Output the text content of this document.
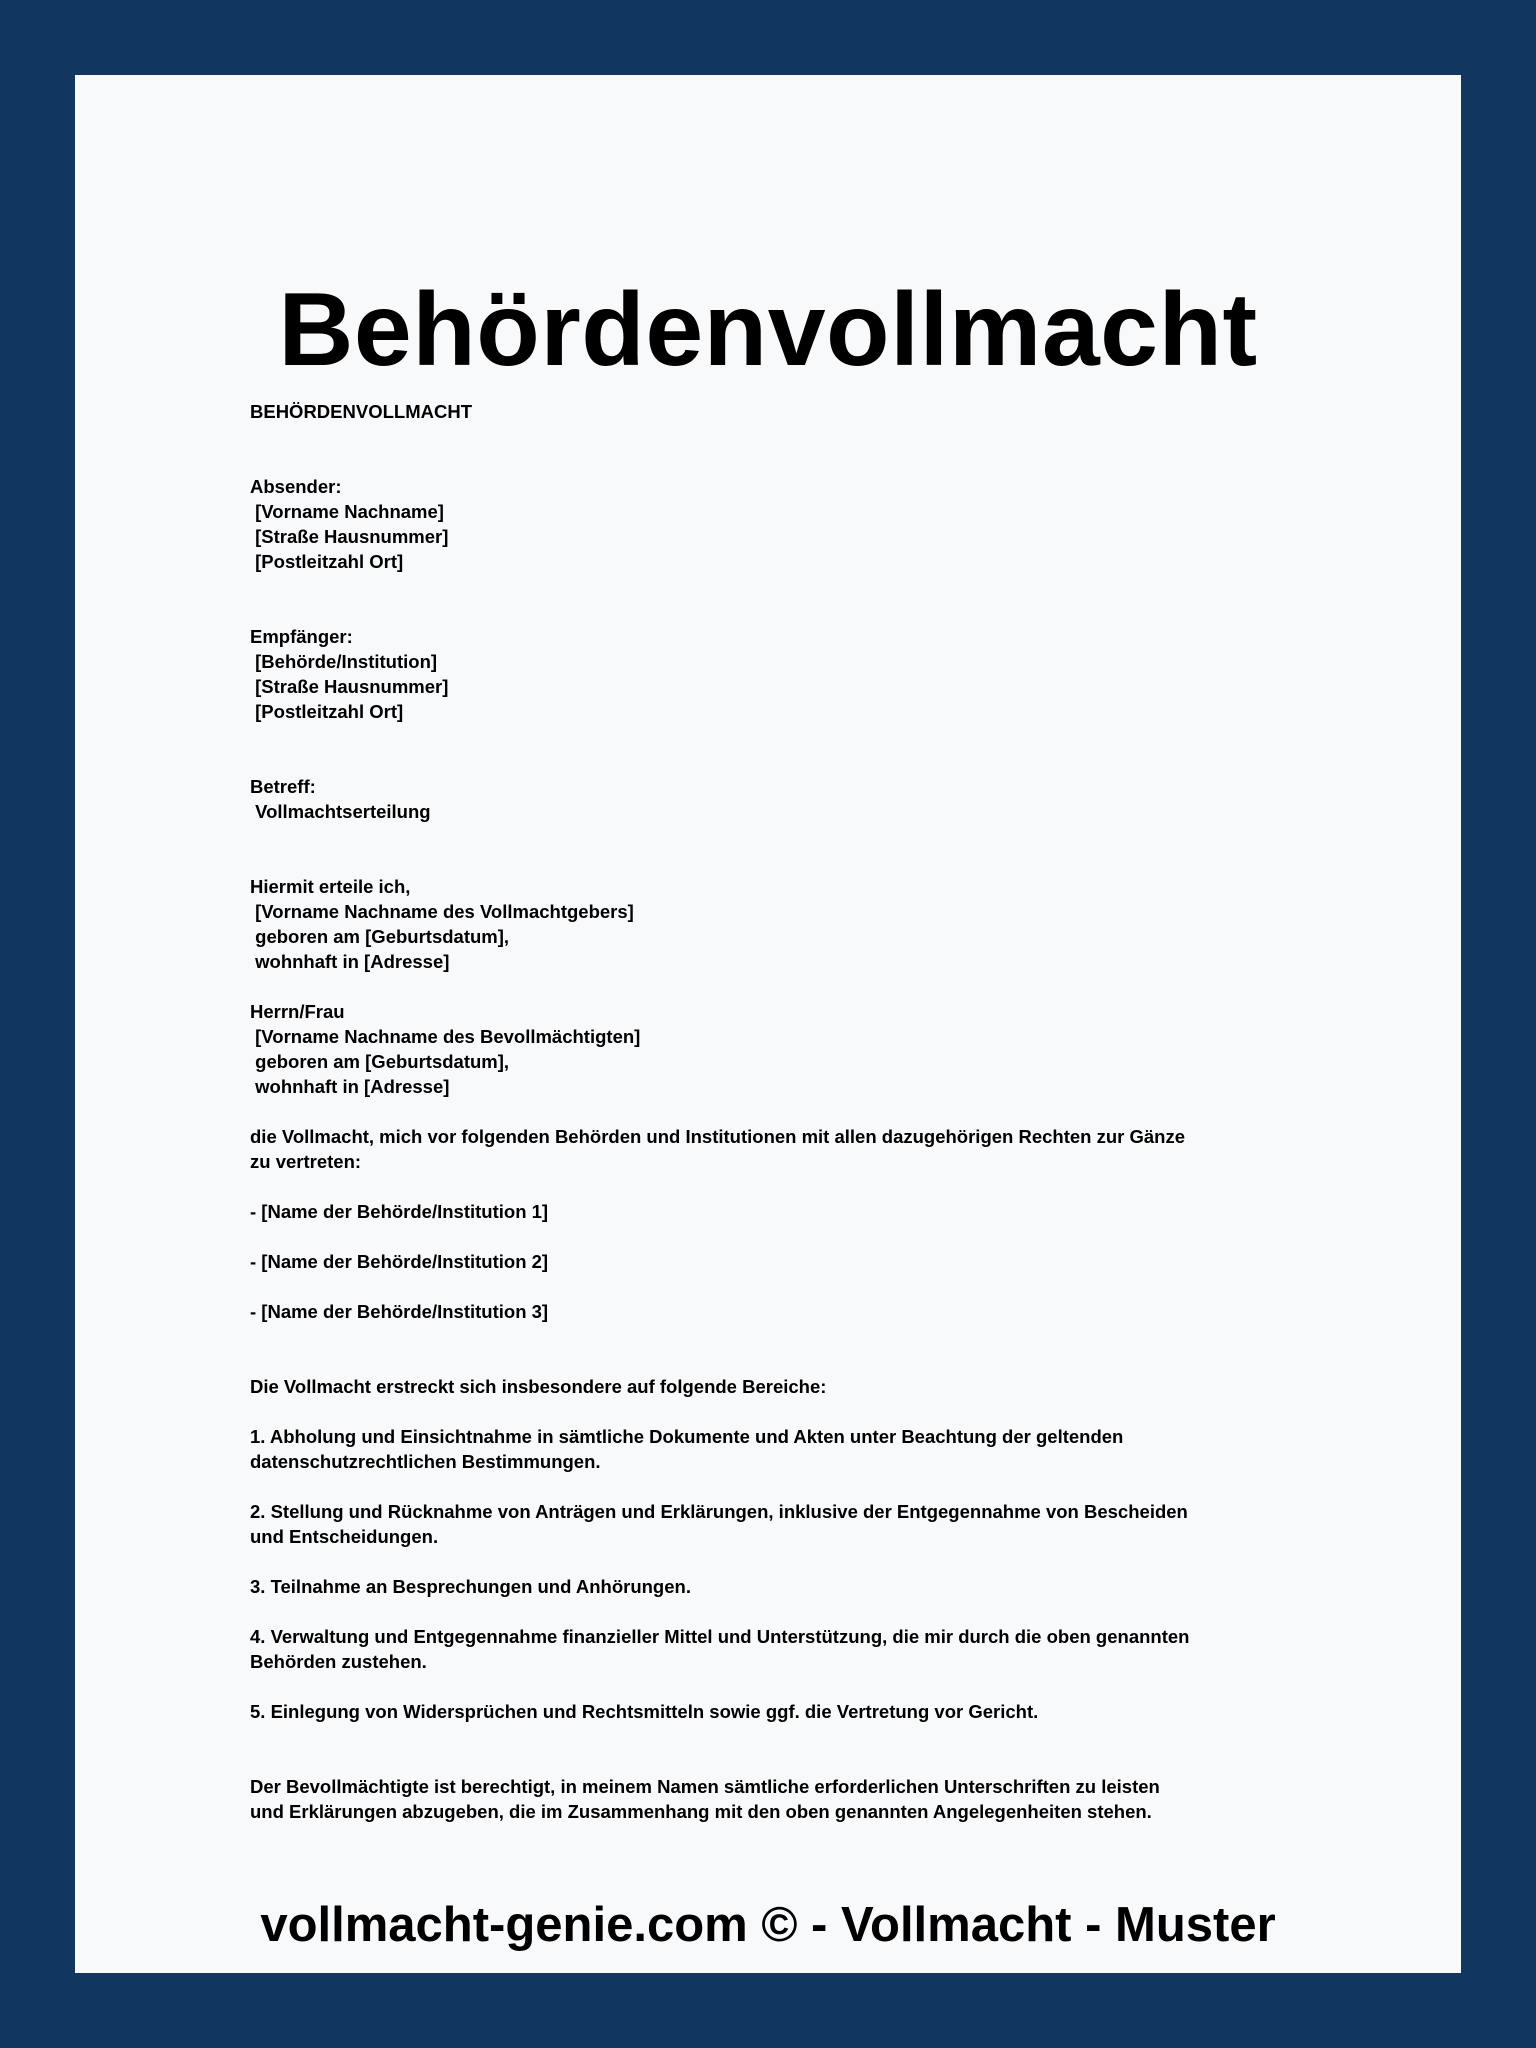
Behördenvollmacht

BEHÖRDENVOLLMACHT

Absender:

[Vorname Nachname]

[Straße Hausnummer]

[Postleitzahl Ort]

Empfänger:

[Behörde/Institution]

[Straße Hausnummer]

[Postleitzahl Ort]

Betreff:

Vollmachtserteilung

Hiermit erteile ich,

[Vorname Nachname des Vollmachtgebers]

geboren am [Geburtsdatum],

wohnhaft in [Adresse]

Herrn/Frau

[Vorname Nachname des Bevollmächtigten]

geboren am [Geburtsdatum],

wohnhaft in [Adresse]

die Vollmacht, mich vor folgenden Behörden und Institutionen mit allen dazugehörigen Rechten zur Gänze

zu vertreten:

- [Name der Behörde/Institution 1]

- [Name der Behörde/Institution 2]

- [Name der Behörde/Institution 3]

Die Vollmacht erstreckt sich insbesondere auf folgende Bereiche:

1. Abholung und Einsichtnahme in sämtliche Dokumente und Akten unter Beachtung der geltenden

datenschutzrechtlichen Bestimmungen.

2. Stellung und Rücknahme von Anträgen und Erklärungen, inklusive der Entgegennahme von Bescheiden

und Entscheidungen.

3. Teilnahme an Besprechungen und Anhörungen.

4. Verwaltung und Entgegennahme finanzieller Mittel und Unterstützung, die mir durch die oben genannten

Behörden zustehen.

5. Einlegung von Widersprüchen und Rechtsmitteln sowie ggf. die Vertretung vor Gericht.

Der Bevollmächtigte ist berechtigt, in meinem Namen sämtliche erforderlichen Unterschriften zu leisten

und Erklärungen abzugeben, die im Zusammenhang mit den oben genannten Angelegenheiten stehen.

vollmacht-genie.com © - Vollmacht - Muster
